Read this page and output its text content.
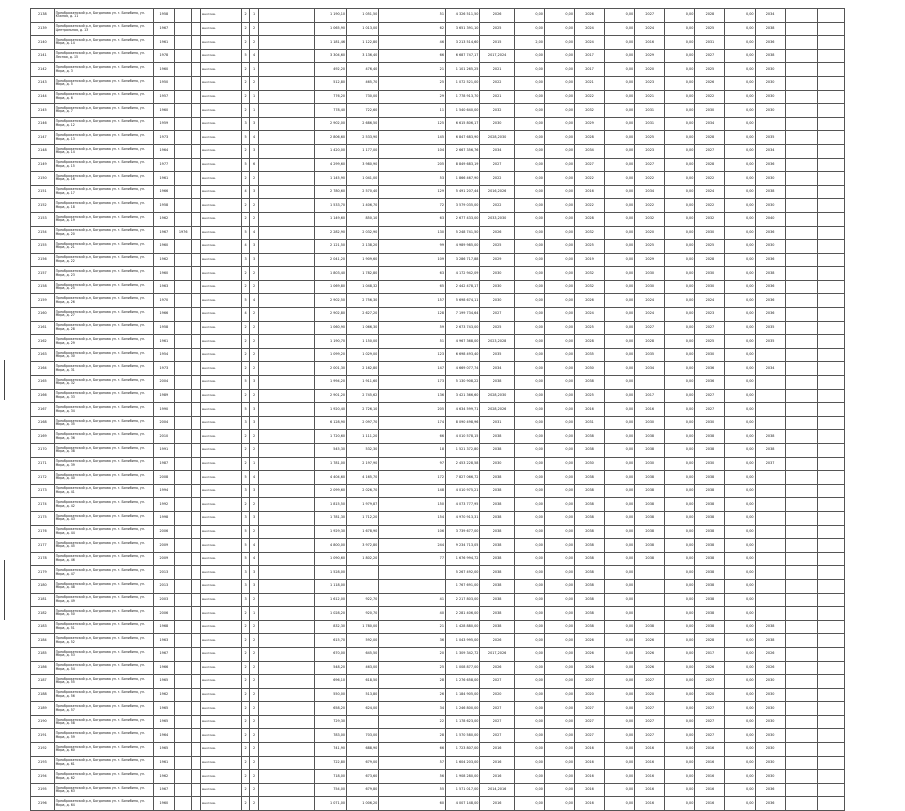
2138	Преображенский р-н, Богданова ул. г. Билибино, ул. Южная, д. 11	1958			многокв.	2	1		1 190,10	1 051,50	51	4 326 511,50	2026	0,00	0,00	2026	0,00	2027	0,00	2028	0,00	2034		
2139	Преображенский р-н, Богданова ул. г. Билибино, ул. Центральная, д. 13	1967			многокв.	2	2		1 065,90	1 013,00	62	3 651 391,10	2025	0,00	0,00	2024	0,00	2024	0,00	2025	0,00	2038		
2140	Преображенский р-н, Богданова ул. г. Билибино, ул. Мира, д. 14	1961			многокв.	2	2		1 181,46	1 122,80	46	3 213 514,60	2015	2,00	0,00	2024	0,00	2016	0,00	2031	0,00	2036		
2141	Преображенский р-н, Богданова ул. г. Билибино, ул. Лесная, д. 15	1978			многокв.	5	4		3 304,60	3 136,40	66	6 687 747,17	2017,2024	0,00	0,00	2017	0,00	2029	0,00	2027	0,00	2038		
2142	Преображенский р-н, Богданова ул. г. Билибино, ул. Мира, д. 3	1960			многокв.	2	1		492,20	476,40	21	1 101 265,25	2021	0,00	0,00	2017	0,00	2020	0,00	2025	0,00	2030		
2143	Преображенский р-н, Богданова ул. г. Билибино, ул. Мира, д. 5	1950			многокв.	2	2		512,80	465,70	25	1 072 521,00	2022	0,00	0,00	2021	0,00	2023	0,00	2026	0,00	2030		
2144	Преображенский р-н, Богданова ул. г. Билибино, ул. Мира, д. 6	1957			многокв.	2	1		776,20	730,00	29	1 778 913,70	2021	0,00	0,00	2022	0,00	2021	0,00	2022	0,00	2030		
2145	Преображенский р-н, Богданова ул. г. Билибино, ул. Мира, д. 7	1960			многокв.	2	1		778,40	722,60	11	1 540 640,00	2032	0,00	0,00	2032	0,00	2031	0,00	2030	0,00	2030		
2146	Преображенский р-н, Богданова ул. г. Билибино, ул. Мира, д. 12	1959			многокв.	3	3		2 902,00	2 686,50	125	6 615 806,17	2030	0,00	0,00	2029	0,00	2031	0,00	2034	0,00			
2147	Преображенский р-н, Богданова ул. г. Билибино, ул. Мира, д. 13	1973			многокв.	5	4		2 806,60	2 533,90	145	6 847 683,90	2028,2030	0,00	0,00	2028	0,00	2025	0,00	2028	0,00	2035		
2148	Преображенский р-н, Богданова ул. г. Билибино, ул. Мира, д. 14	1964			многокв.	2	3		1 420,00	1 177,00	104	2 667 356,76	2034	0,00	0,00	2034	0,00	2023	0,00	2027	0,00	2034		
2149	Преображенский р-н, Богданова ул. г. Билибино, ул. Мира, д. 15	1977			многокв.	5	6		4 299,60	3 980,90	205	8 849 683,19	2027	0,00	0,00	2027	0,00	2027	0,00	2028	0,00	2036		
2150	Преображенский р-н, Богданова ул. г. Билибино, ул. Мира, д. 16	1961			многокв.	2	2		1 145,90	1 041,00	53	1 866 467,90	2022	0,00	0,00	2022	0,00	2022	0,00	2022	0,00	2030		
2151	Преображенский р-н, Богданова ул. г. Билибино, ул. Мира, д. 17	1966			многокв.	4	3		2 780,60	2 570,40	129	5 491 207,44	2016,2026	0,00	0,00	2016	0,00	2034	0,00	2024	0,00	2038		
2152	Преображенский р-н, Богданова ул. г. Билибино, ул. Мира, д. 18	1958			многокв.	2	2		1 533,70	1 406,70	72	3 579 035,00	2022	0,00	0,00	2022	0,00	2022	0,00	2022	0,00	2030		
2153	Преображенский р-н, Богданова ул. г. Билибино, ул. Мира, д. 19	1962			многокв.	2	2		1 149,60	850,10	63	2 677 433,00	2033,2030	0,00	0,00	2028	0,00	2032	0,00	2032	0,00	2040		
2154	Преображенский р-н, Богданова ул. г. Билибино, ул. Мира, д. 20	1967	1976		многокв.	5	4		2 282,90	2 032,90	130	5 248 741,50	2026	0,00	0,00	2032	0,00	2020	0,00	2030	0,00	2036		
2155	Преображенский р-н, Богданова ул. г. Билибино, ул. Мира, д. 21	1960			многокв.	4	3		2 121,50	2 138,20	99	4 989 985,00	2025	0,00	0,00	2025	0,00	2025	0,00	2025	0,00	2030		
2156	Преображенский р-н, Богданова ул. г. Билибино, ул. Мира, д. 22	1962			многокв.	3	3		2 041,20	1 909,60	109	3 286 717,88	2029	0,00	0,00	2019	0,00	2029	0,00	2028	0,00	2036		
2157	Преображенский р-н, Богданова ул. г. Билибино, ул. Мира, д. 23	1960			многокв.	2	2		1 803,40	1 782,80	63	4 172 942,09	2030	0,00	0,00	2032	0,00	2030	0,00	2030	0,00	2038		
2158	Преображенский р-н, Богданова ул. г. Билибино, ул. Мира, д. 25	1963			многокв.	2	2		1 069,80	1 048,32	65	2 442 478,17	2030	0,00	0,00	2032	0,00	2030	0,00	2030	0,00	2036		
2159	Преображенский р-н, Богданова ул. г. Билибино, ул. Мира, д. 26	1970			многокв.	5	4		2 902,50	2 756,30	157	5 698 674,11	2030	0,00	0,00	2026	0,00	2024	0,00	2024	0,00	2036		
2160	Преображенский р-н, Богданова ул. г. Билибино, ул. Мира, д. 27	1966			многокв.	4	2		2 902,80	2 627,20	128	7 199 734,64	2027	0,00	0,00	2024	0,00	2024	0,00	2023	0,00	2036		
2161	Преображенский р-н, Богданова ул. г. Билибино, ул. Мира, д. 28	1958			многокв.	2	2		1 060,90	1 066,30	59	2 673 743,00	2025	0,00	0,00	2025	0,00	2027	0,00	2027	0,00	2035		
2162	Преображенский р-н, Богданова ул. г. Билибино, ул. Мира, д. 29	1961			многокв.	2	2		1 190,70	1 150,00	51	4 967 368,00	2023,2028	0,00	0,00	2028	0,00	2028	0,00	2025	0,00	2035		
2163	Преображенский р-н, Богданова ул. г. Билибино, ул. Мира, д. 30	1954			многокв.	2	2		1 099,20	1 029,00	123	6 698 493,40	2035	0,00	0,00	2035	0,00	2035	0,00	2030	0,00			
2164	Преображенский р-н, Богданова ул. г. Билибино, ул. Мира, д. 31	1973			многокв.	2	2		2 001,30	2 162,80	147	4 669 077,74	2034	0,00	0,00	2030	0,00	2034	0,00	2036	0,00	2034		
2165	Преображенский р-н, Богданова ул. г. Билибино, ул. Мира, д. 32	2004			многокв.	5	3		1 994,20	1 911,60	173	5 130 908,22	2038	0,00	0,00	2038	0,00		0,00	2036	0,00			
2166	Преображенский р-н, Богданова ул. г. Билибино, ул. Мира, д. 33	1989			многокв.	2	2		2 901,20	2 745,62	136	3 421 366,60	2028,2030	0,00	0,00	2025	0,00	2017	0,00	2027	0,00			
2167	Преображенский р-н, Богданова ул. г. Билибино, ул. Мира, д. 34	1990			многокв.	5	3		1 920,40	2 726,10	205	4 634 599,71	2028,2026	0,00	0,00	2016	0,00	2016	0,00	2027	0,00			
2168	Преображенский р-н, Богданова ул. г. Билибино, ул. Мира, д. 35	2004			многокв.	3	3		6 128,90	2 097,70	174	8 090 498,96	2031	0,00	0,00	2031	0,00	2030	0,00	2030	0,00			
2169	Преображенский р-н, Богданова ул. г. Билибино, ул. Мира, д. 36	2010			многокв.	2	2		1 720,60	1 111,20	66	4 010 578,15	2038	0,00	0,00	2038	0,00	2038	0,00	2038	0,00	2038		
2170	Преображенский р-н, Богданова ул. г. Билибино, ул. Мира, д. 38	1991			многокв.	2	2		545,30	532,30	18	1 521 372,80	2038	0,00	0,00	2038	0,00	2038	0,00	2038	0,00	2038		
2171	Преображенский р-н, Богданова ул. г. Билибино, ул. Мира, д. 39	1987			многокв.	2	1		1 781,00	2 197,90	97	2 453 228,58	2030	0,00	0,00	2030	0,00	2030	0,00	2030	0,00	2037		
2172	Преображенский р-н, Богданова ул. г. Билибино, ул. Мира, д. 40	2008			многокв.	5	4		4 404,60	4 165,70	172	7 827 066,72	2038	0,00	0,00	2038	0,00	2038	0,00	2038	0,00			
2173	Преображенский р-н, Богданова ул. г. Билибино, ул. Мира, д. 41	1994			многокв.	3	3		2 099,60	2 026,70	148	4 010 975,21	2038	0,00	0,00	2038	0,00	2038	0,00	2038	0,00			
2174	Преображенский р-н, Богданова ул. г. Билибино, ул. Мира, д. 42	1992			многокв.	2	2		1 815,50	1 979,87	150	4 073 777,95	2038	0,00	0,00	2038	0,00	2038	0,00	2038	0,00			
2175	Преображенский р-н, Богданова ул. г. Билибино, ул. Мира, д. 43	1998			многокв.	3	3		1 781,30	1 712,20	154	4 970 913,31	2038	0,00	0,00	2038	0,00	2038	0,00	2038	0,00			
2176	Преображенский р-н, Богданова ул. г. Билибино, ул. Мира, д. 44	2006			многокв.	5	2		1 929,30	1 678,90	106	3 739 677,00	2038	0,00	0,00	2038	0,00	2038	0,00	2038	0,00			
2177	Преображенский р-н, Богданова ул. г. Билибино, ул. Мира, д. 45	2009			многокв.	5	4		4 800,00	3 972,80	244	9 234 713,05	2038	0,00	0,00	2038	0,00	2038	0,00	2038	0,00			
2178	Преображенский р-н, Богданова ул. г. Билибино, ул. Мира, д. 46	2009			многокв.	5	4		1 090,60	1 802,20	77	1 676 994,72	2038	0,00	0,00	2038	0,00	2038	0,00	2038	0,00			
2179	Преображенский р-н, Богданова ул. г. Билибино, ул. Мира, д. 47	2013			многокв.	3	3		1 528,00			5 267 492,00	2038	0,00	0,00	2038	0,00		0,00	2038	0,00			
2180	Преображенский р-н, Богданова ул. г. Билибино, ул. Мира, д. 48	2013			многокв.	3	3		1 118,00			1 767 691,00	2038	0,00	0,00	2038	0,00		0,00	2038	0,00			
2181	Преображенский р-н, Богданова ул. г. Билибино, ул. Мира, д. 49	2003			многокв.	3	2		1 612,00	922,70	41	2 217 803,00	2038	0,00	0,00	2038	0,00		0,00	2038	0,00			
2182	Преображенский р-н, Богданова ул. г. Билибино, ул. Мира, д. 50	2006			многокв.	2	1		1 028,20	920,70	40	2 281 406,00	2038	0,00	0,00	2038	0,00		0,00	2038	0,00			
2183	Преображенский р-н, Богданова ул. г. Билибино, ул. Мира, д. 51	1968			многокв.	2	2		832,30	1 780,00	21	1 428 880,00	2038	0,00	0,00	2038	0,00	2038	0,00	2038	0,00	2038		
2184	Преображенский р-н, Богданова ул. г. Билибино, ул. Мира, д. 52	1963			многокв.	2	2		615,70	592,00	36	1 043 995,00	2026	0,00	0,00	2026	0,00	2026	0,00	2028	0,00	2038		
2185	Преображенский р-н, Богданова ул. г. Билибино, ул. Мира, д. 53	1967			многокв.	2	2		670,00	645,50	20	1 309 342,72	2017,2026	0,00	0,00	2026	0,00	2026	0,00	2017	0,00	2026		
2186	Преображенский р-н, Богданова ул. г. Билибино, ул. Мира, д. 54	1966			многокв.	2	2		548,20	463,00	25	1 008 877,00	2026	0,00	0,00	2026	0,00	2026	0,00	2026	0,00	2026		
2187	Преображенский р-н, Богданова ул. г. Билибино, ул. Мира, д. 55	1965			многокв.	2	2		696,10	618,50	28	1 276 658,00	2027	0,00	0,00	2027	0,00	2027	0,00	2027	0,00	2030		
2188	Преображенский р-н, Богданова ул. г. Билибино, ул. Мира, д. 56	1962			многокв.	2	2		550,00	513,80	26	1 184 905,00	2020	0,00	0,00	2020	0,00	2020	0,00	2020	0,00	2030		
2189	Преображенский р-н, Богданова ул. г. Билибино, ул. Мира, д. 57	1965			многокв.	2	2		658,20	624,00	34	1 246 800,00	2027	0,00	0,00	2027	0,00	2027	0,00	2027	0,00	2030		
2190	Преображенский р-н, Богданова ул. г. Билибино, ул. Мира, д. 58	1965			многокв.	2	2		729,30		22	1 178 623,00	2027	0,00	0,00	2027	0,00	2027	0,00	2027	0,00	2030		
2191	Преображенский р-н, Богданова ул. г. Билибино, ул. Мира, д. 59	1964			многокв.	2	2		783,00	703,00	28	1 570 580,00	2027	0,00	0,00	2027	0,00	2027	0,00	2027	0,00	2030		
2192	Преображенский р-н, Богданова ул. г. Билибино, ул. Мира, д. 60	1965			многокв.	2	2		741,90	688,90	66	1 723 807,00	2016	0,00	0,00	2016	0,00	2016	0,00	2016	0,00	2030		
2193	Преображенский р-н, Богданова ул. г. Билибино, ул. Мира, д. 61	1961			многокв.	2	2		722,80	679,00	57	1 604 203,00	2016	0,00	0,00	2016	0,00	2016	0,00	2016	0,00	2030		
2194	Преображенский р-н, Богданова ул. г. Билибино, ул. Мира, д. 62	1962			многокв.	2	2		718,00	673,60	56	1 908 280,00	2016	0,00	0,00	2016	0,00	2016	0,00	2016	0,00	2030		
2195	Преображенский р-н, Богданова ул. г. Билибино, ул. Мира, д. 63	1967			многокв.	2	2		754,00	679,80	55	1 571 017,00	2014,2016	0,00	0,00	2016	0,00	2016	0,00	2016	0,00	2036		
2196	Преображенский р-н, Богданова ул. г. Билибино, ул. Мира, д. 64	1960			многокв.	2	2		1 071,00	1 006,20	60	4 007 148,00	2016	0,00	0,00	2016	0,00	2016	0,00	2016	0,00	2036		
